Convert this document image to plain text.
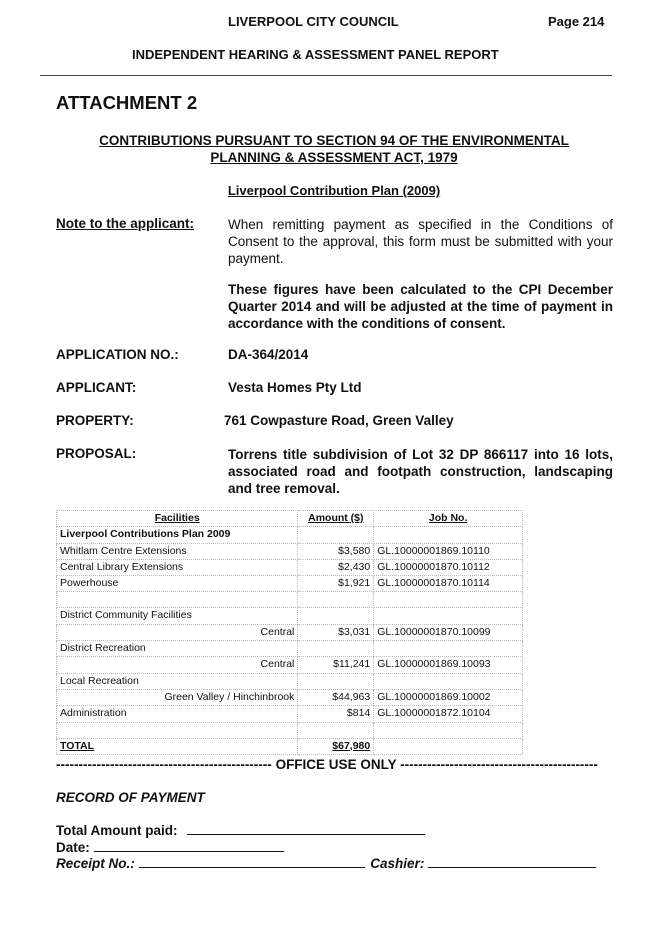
LIVERPOOL CITY COUNCIL	Page 214
INDEPENDENT HEARING & ASSESSMENT PANEL REPORT
ATTACHMENT 2
CONTRIBUTIONS PURSUANT TO SECTION 94 OF THE ENVIRONMENTAL
PLANNING & ASSESSMENT ACT, 1979
Liverpool Contribution Plan (2009)
Note to the applicant:	When remitting payment as specified in the Conditions of Consent to the approval, this form must be submitted with your payment.
These figures have been calculated to the CPI December Quarter 2014 and will be adjusted at the time of payment in accordance with the conditions of consent.
APPLICATION NO.:	DA-364/2014
APPLICANT:	Vesta Homes Pty Ltd
PROPERTY:	761 Cowpasture Road, Green Valley
PROPOSAL:	Torrens title subdivision of Lot 32 DP 866117 into 16 lots, associated road and footpath construction, landscaping and tree removal.
Facilities	Amount ($)	Job No.
Liverpool Contributions Plan 2009		
Whitlam Centre Extensions	$3,580	GL.10000001869.10110
Central Library Extensions	$2,430	GL.10000001870.10112
Powerhouse	$1,921	GL.10000001870.10114

District Community Facilities		
Central	$3,031	GL.10000001870.10099
District Recreation		
Central	$11,241	GL.10000001869.10093
Local Recreation		
Green Valley / Hinchinbrook	$44,963	GL.10000001869.10002
Administration	$814	GL.10000001872.10104

TOTAL	$67,980	
------------------------------------------------ OFFICE USE ONLY --------------------------------------------
RECORD OF PAYMENT
Total Amount paid:
Date:
Receipt No.:	Cashier:
